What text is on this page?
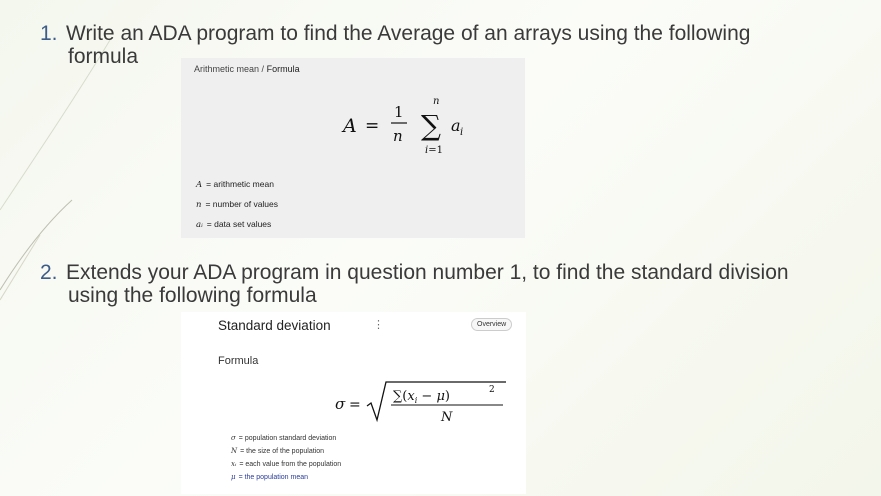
1. Write an ADA program to find the Average of an arrays using the following
formula
Arithmetic mean / Formula
A =
1
n
n
∑
i=1
a i
A = arithmetic mean
n = number of values
aᵢ = data set values
2. Extends your ADA program in question number 1, to find the standard division
using the following formula
Standard deviation	⋮	Overview
Formula
σ =
$\sum(x_i - \mu)$	2
N
σ = population standard deviation
N = the size of the population
xᵢ = each value from the population
μ = the population mean
